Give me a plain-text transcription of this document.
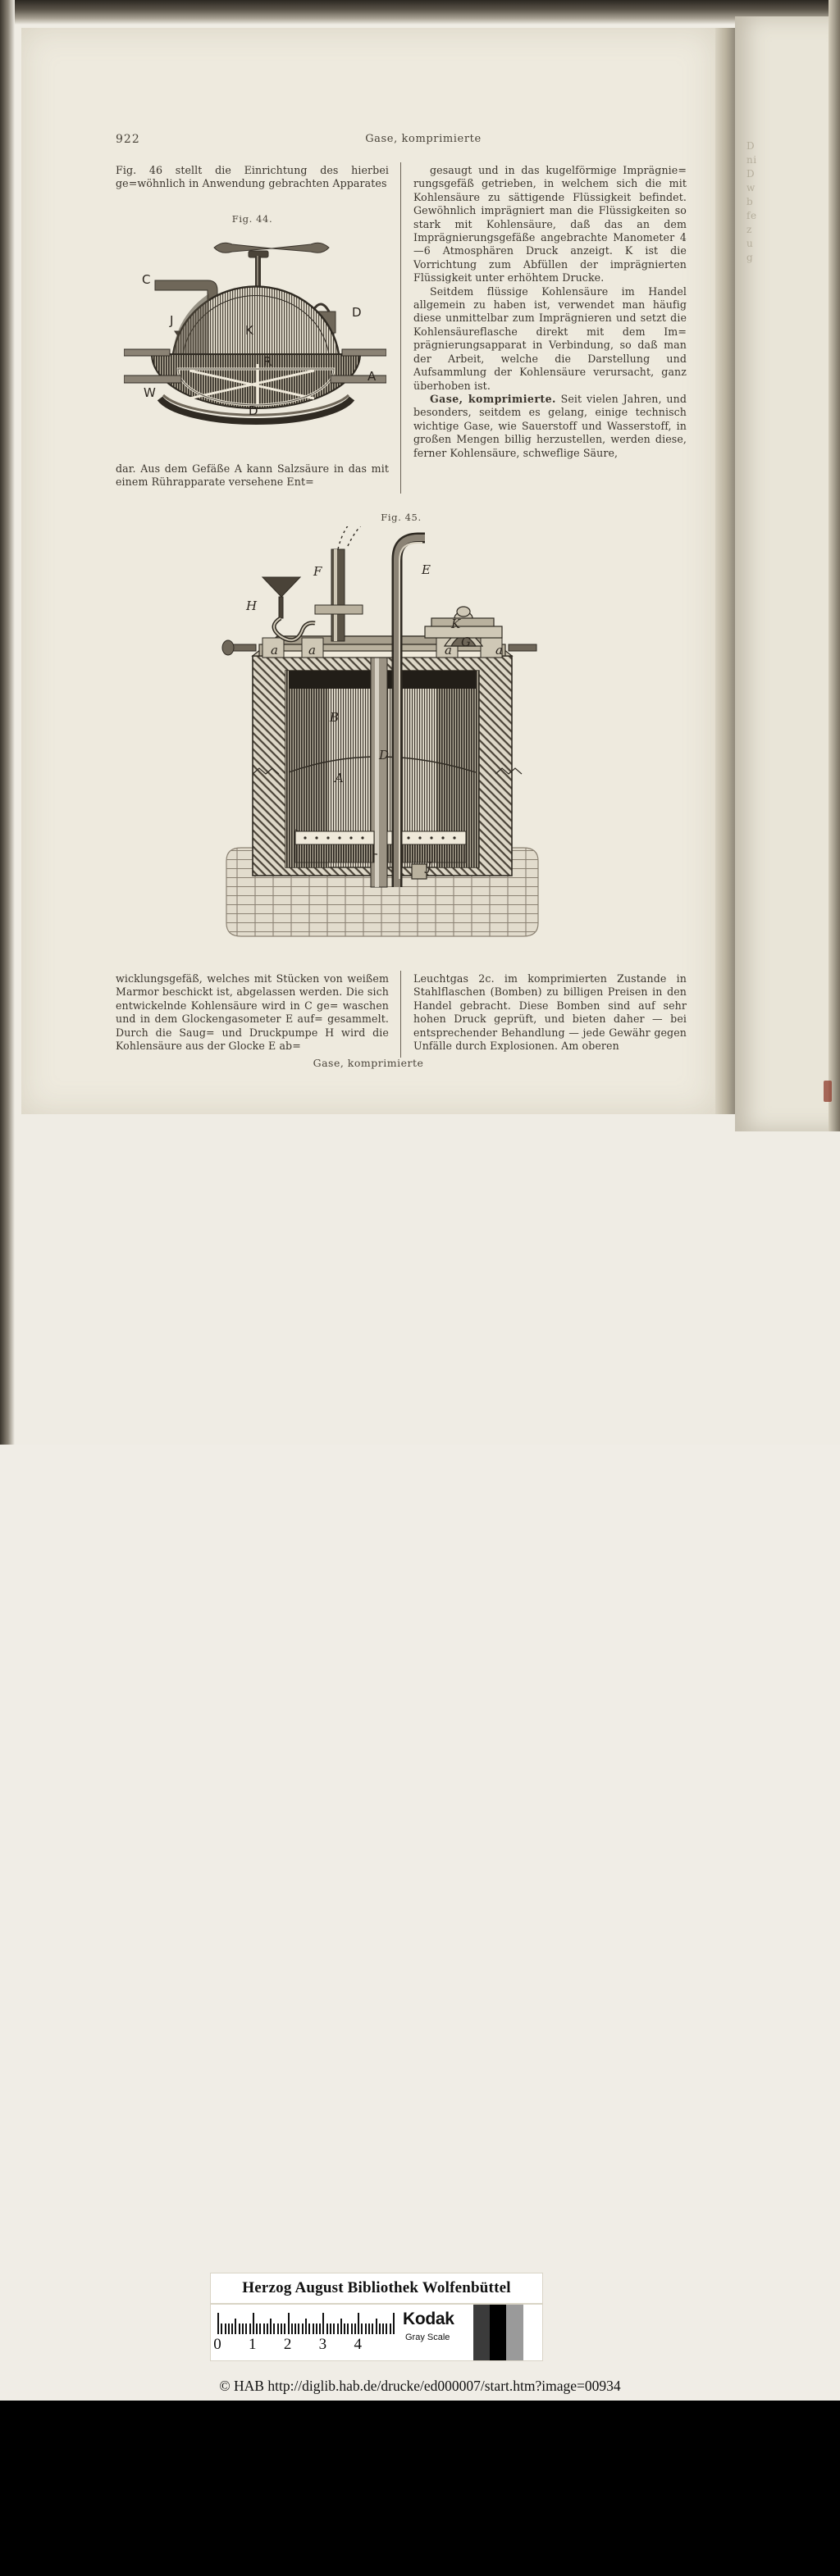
D
ni
D
w
b
fe
z
u
g
922	Gase, komprimierte
Fig. 46 stellt die Einrichtung des hierbei ge=wöhnlich in Anwendung gebrachten Apparates

gesaugt und in das kugelförmige Imprägnie= rungsgefäß getrieben, in welchem sich die mit Kohlensäure zu sättigende Flüssigkeit befindet. Gewöhnlich imprägniert man die Flüssigkeiten so stark mit Kohlensäure, daß das an dem Imprägnierungsgefäße angebrachte Manometer 4—6 Atmosphären Druck anzeigt. K ist die Vorrichtung zum Abfüllen der imprägnierten Flüssigkeit unter erhöhtem Drucke.

Seitdem flüssige Kohlensäure im Handel allgemein zu haben ist, verwendet man häufig diese unmittelbar zum Imprägnieren und setzt die Kohlensäureflasche direkt mit dem Im= prägnierungsapparat in Verbindung, so daß man der Arbeit, welche die Darstellung und Aufsammlung der Kohlensäure verursacht, ganz überhoben ist.

Gase, komprimierte. Seit vielen Jahren, und besonders, seitdem es gelang, einige technisch wichtige Gase, wie Sauerstoff und Wasserstoff, in großen Mengen billig herzustellen, werden diese, ferner Kohlensäure, schweflige Säure,

Fig. 44.
C
J
D
K
R
W
A
D
dar. Aus dem Gefäße A kann Salzsäure in das mit einem Rührapparate versehene Ent=
Fig. 45.
F	E
H
a a	a	a
K
G
B
D
A
J
wicklungsgefäß, welches mit Stücken von weißem Marmor beschickt ist, abgelassen werden. Die sich entwickelnde Kohlensäure wird in C ge= waschen und in dem Glockengasometer E auf= gesammelt. Durch die Saug= und Druckpumpe H wird die Kohlensäure aus der Glocke E ab=
Leuchtgas 2c. im komprimierten Zustande in Stahlflaschen (Bomben) zu billigen Preisen in den Handel gebracht. Diese Bomben sind auf sehr hohen Druck geprüft, und bieten daher — bei entsprechender Behandlung — jede Gewähr gegen Unfälle durch Explosionen. Am oberen
Gase, komprimierte
Herzog August Bibliothek Wolfenbüttel
0 1 2 3 4
Kodak
Gray Scale
© HAB http://diglib.hab.de/drucke/ed000007/start.htm?image=00934
